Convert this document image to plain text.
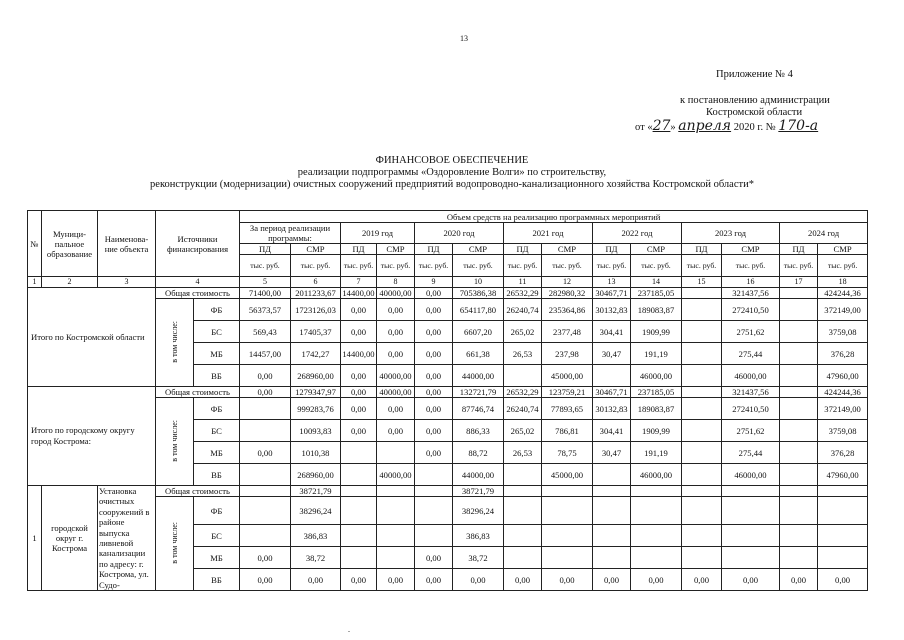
13
Приложение № 4
к постановлению администрации
Костромской области
от «27» апреля 2020 г. № 170-а
ФИНАНСОВОЕ ОБЕСПЕЧЕНИЕ
реализации подпрограммы «Оздоровление Волги» по строительству,
реконструкции (модернизации) очистных сооружений предприятий водопроводно-канализационного хозяйства Костромской области*
№	Муници-пальное образование	Наименова-ние объекта	Источники финансирования		Объем средств на реализацию программных мероприятий													
					За период реализации программы:		2019 год		2020 год		2021 год		2022 год		2023 год		2024 год	
					ПД	СМР	ПД	СМР	ПД	СМР	ПД	СМР	ПД	СМР	ПД	СМР	ПД	СМР
					тыс. руб.	тыс. руб.	тыс. руб.	тыс. руб.	тыс. руб.	тыс. руб.	тыс. руб.	тыс. руб.	тыс. руб.	тыс. руб.	тыс. руб.	тыс. руб.	тыс. руб.	тыс. руб.
1	2	3	4		5	6	7	8	9	10	11	12	13	14	15	16	17	18
Итого по Костромской области			Общая стоимость		71400,00	2011233,67	14400,00	40000,00	0,00	705386,38	26532,29	282980,32	30467,71	237185,05		321437,56		424244,36
			в том числе:	ФБ	56373,57	1723126,03	0,00	0,00	0,00	654117,80	26240,74	235364,86	30132,83	189083,87		272410,50		372149,00
				БС	569,43	17405,37	0,00	0,00	0,00	6607,20	265,02	2377,48	304,41	1909,99		2751,62		3759,08
				МБ	14457,00	1742,27	14400,00	0,00	0,00	661,38	26,53	237,98	30,47	191,19		275,44		376,28
				ВБ	0,00	268960,00	0,00	40000,00	0,00	44000,00		45000,00		46000,00		46000,00		47960,00
Итого по городскому округу город Кострома:			Общая стоимость		0,00	1279347,97	0,00	40000,00	0,00	132721,79	26532,29	123759,21	30467,71	237185,05		321437,56		424244,36
			в том числе:	ФБ		999283,76	0,00	0,00	0,00	87746,74	26240,74	77893,65	30132,83	189083,87		272410,50		372149,00
				БС		10093,83	0,00	0,00	0,00	886,33	265,02	786,81	304,41	1909,99		2751,62		3759,08
				МБ	0,00	1010,38			0,00	88,72	26,53	78,75	30,47	191,19		275,44		376,28
				ВБ		268960,00		40000,00		44000,00		45000,00		46000,00		46000,00		47960,00
1	городской округ г. Кострома	Установка очистных сооружений в районе выпуска ливневой канализации по адресу: г. Кострома, ул. Судо-	Общая стоимость			38721,79				38721,79								
			в том числе:	ФБ		38296,24				38296,24								
				БС		386,83				386,83								
				МБ	0,00	38,72			0,00	38,72								
				ВБ	0,00	0,00	0,00	0,00	0,00	0,00	0,00	0,00	0,00	0,00	0,00	0,00	0,00	0,00
.
